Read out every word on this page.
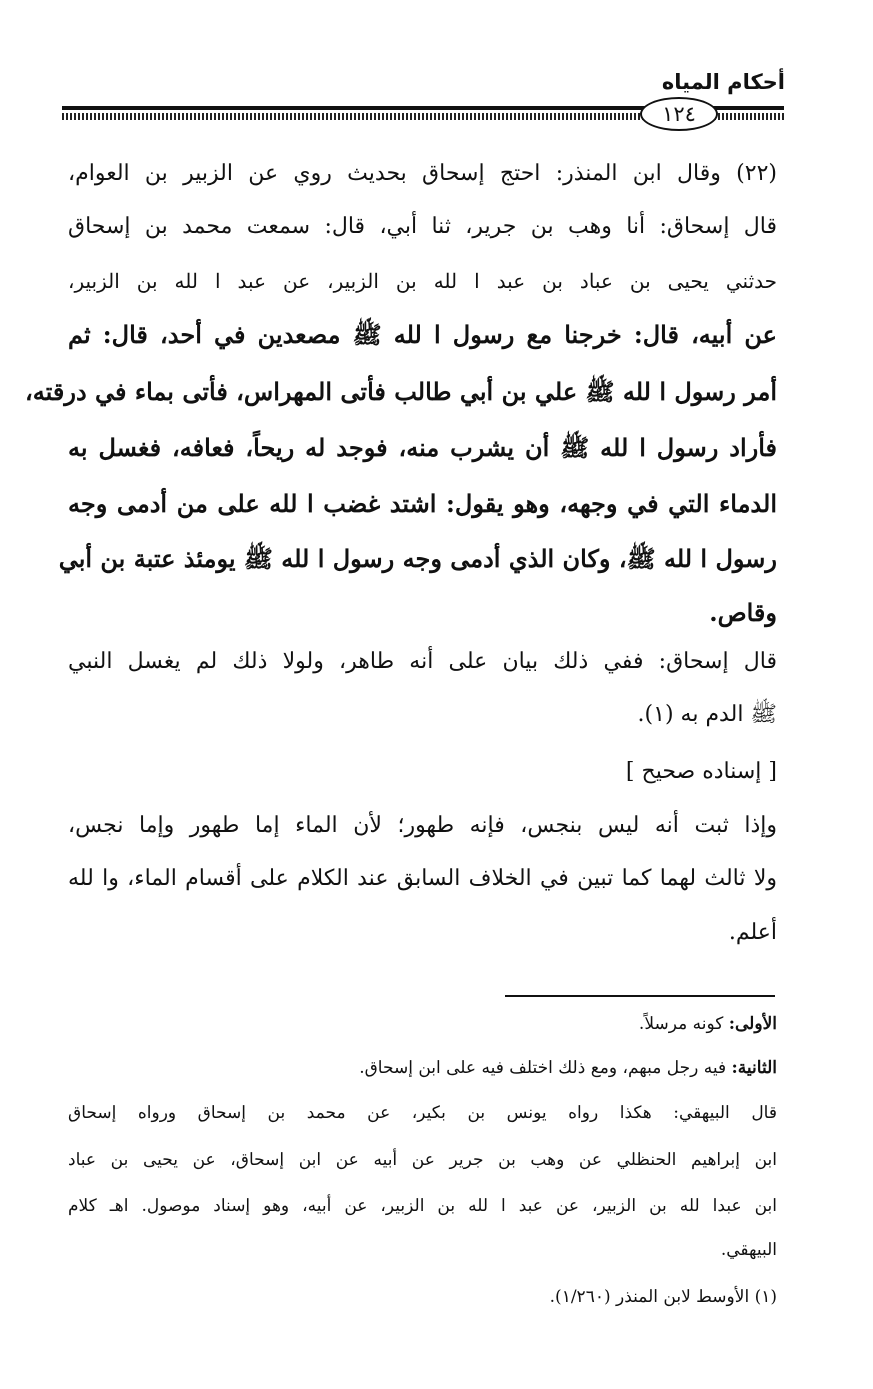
أحكام المياه
١٢٤
(٢٢) وقال ابن المنذر: احتج إسحاق بحديث روي عن الزبير بن العوام،
قال إسحاق: أنا وهب بن جرير، ثنا أبي، قال: سمعت محمد بن إسحاق
حدثني يحيى بن عباد بن عبد ا لله بن الزبير، عن عبد ا لله بن الزبير،
عن أبيه، قال: خرجنا مع رسول ا لله ﷺ مصعدين في أحد، قال: ثم
أمر رسول ا لله ﷺ علي بن أبي طالب فأتى المهراس، فأتى بماء في درقته،
فأراد رسول ا لله ﷺ أن يشرب منه، فوجد له ريحاً، فعافه، فغسل به
الدماء التي في وجهه، وهو يقول: اشتد غضب ا لله على من أدمى وجه
رسول ا لله ﷺ، وكان الذي أدمى وجه رسول ا لله ﷺ يومئذ عتبة بن أبي
وقاص.
قال إسحاق: ففي ذلك بيان على أنه طاهر، ولولا ذلك لم يغسل النبي
ﷺ الدم به (١).
[ إسناده صحيح ]
وإذا ثبت أنه ليس بنجس، فإنه طهور؛ لأن الماء إما طهور وإما نجس،
ولا ثالث لهما كما تبين في الخلاف السابق عند الكلام على أقسام الماء، وا لله
أعلم.
الأولى: كونه مرسلاً.
الثانية: فيه رجل مبهم، ومع ذلك اختلف فيه على ابن إسحاق.
قال البيهقي: هكذا رواه يونس بن بكير، عن محمد بن إسحاق ورواه إسحاق
ابن إبراهيم الحنظلي عن وهب بن جرير عن أبيه عن ابن إسحاق، عن يحيى بن عباد
ابن عبدا لله بن الزبير، عن عبد ا لله بن الزبير، عن أبيه، وهو إسناد موصول. اهـ كلام
البيهقي.
(١) الأوسط لابن المنذر (١/٢٦٠).
